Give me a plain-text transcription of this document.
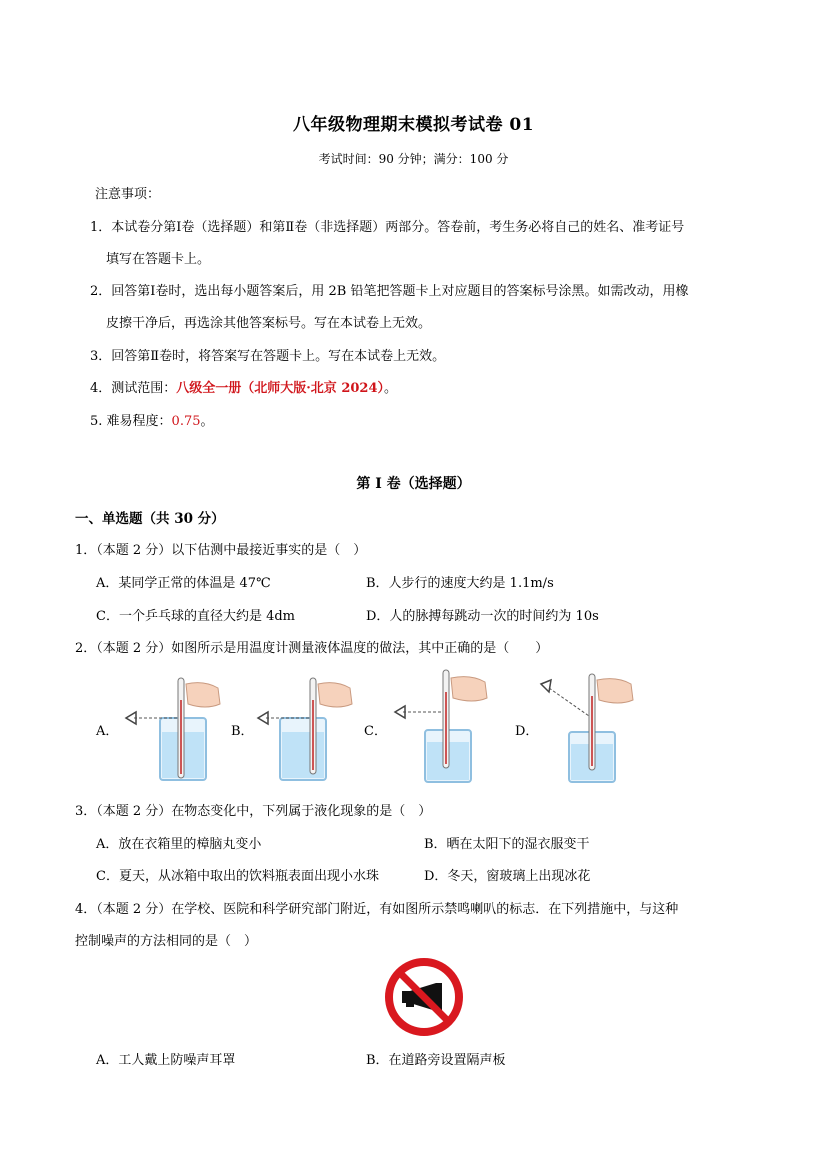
八年级物理期末模拟考试卷 01
考试时间：90 分钟；满分：100 分
注意事项：
1．本试卷分第Ⅰ卷（选择题）和第Ⅱ卷（非选择题）两部分。答卷前，考生务必将自己的姓名、准考证号
填写在答题卡上。
2．回答第Ⅰ卷时，选出每小题答案后，用 2B 铅笔把答题卡上对应题目的答案标号涂黑。如需改动，用橡
皮擦干净后，再选涂其他答案标号。写在本试卷上无效。
3．回答第Ⅱ卷时，将答案写在答题卡上。写在本试卷上无效。
4．测试范围：八级全一册（北师大版·北京 2024）。
5. 难易程度：0.75。
第 I 卷（选择题）
一、单选题（共 30 分）
1．（本题 2 分）以下估测中最接近事实的是（　）
A．某同学正常的体温是 47℃	B．人步行的速度大约是 1.1m/s
C．一个乒乓球的直径大约是 4dm	D．人的脉搏每跳动一次的时间约为 10s
2．（本题 2 分）如图所示是用温度计测量液体温度的做法，其中正确的是（　　）
A．	B．	C．	D．
3．（本题 2 分）在物态变化中，下列属于液化现象的是（　）
A．放在衣箱里的樟脑丸变小	B．晒在太阳下的湿衣服变干
C．夏天，从冰箱中取出的饮料瓶表面出现小水珠	D．冬天，窗玻璃上出现冰花
4．（本题 2 分）在学校、医院和科学研究部门附近，有如图所示禁鸣喇叭的标志．在下列措施中，与这种
控制噪声的方法相同的是（　）
A．工人戴上防噪声耳罩	B．在道路旁设置隔声板
